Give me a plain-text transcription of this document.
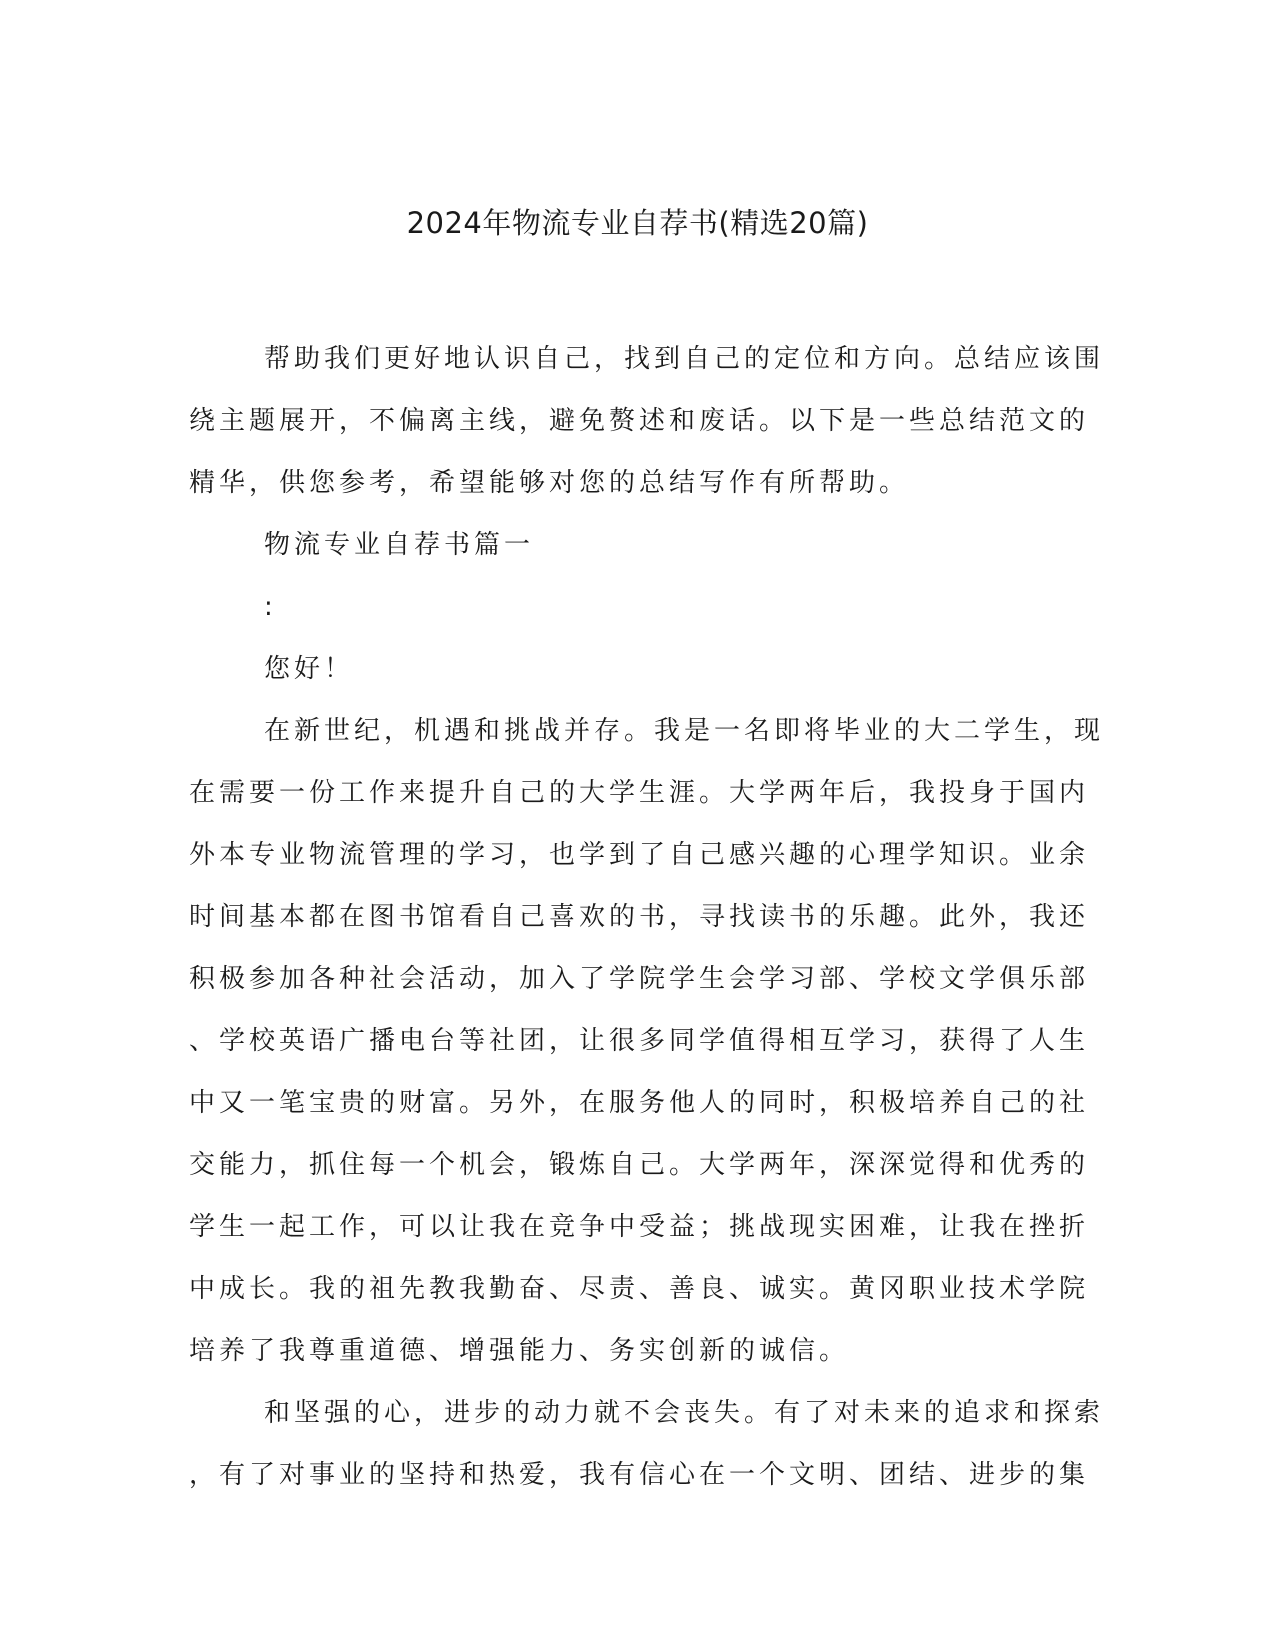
2024年物流专业自荐书(精选20篇)

帮助我们更好地认识自己，找到自己的定位和方向。总结应该围

绕主题展开，不偏离主线，避免赘述和废话。以下是一些总结范文的

精华，供您参考，希望能够对您的总结写作有所帮助。

物流专业自荐书篇一

:

您好！

在新世纪，机遇和挑战并存。我是一名即将毕业的大二学生，现

在需要一份工作来提升自己的大学生涯。大学两年后，我投身于国内

外本专业物流管理的学习，也学到了自己感兴趣的心理学知识。业余

时间基本都在图书馆看自己喜欢的书，寻找读书的乐趣。此外，我还

积极参加各种社会活动，加入了学院学生会学习部、学校文学俱乐部

、学校英语广播电台等社团，让很多同学值得相互学习，获得了人生

中又一笔宝贵的财富。另外，在服务他人的同时，积极培养自己的社

交能力，抓住每一个机会，锻炼自己。大学两年，深深觉得和优秀的

学生一起工作，可以让我在竞争中受益；挑战现实困难，让我在挫折

中成长。我的祖先教我勤奋、尽责、善良、诚实。黄冈职业技术学院

培养了我尊重道德、增强能力、务实创新的诚信。

和坚强的心，进步的动力就不会丧失。有了对未来的追求和探索

，有了对事业的坚持和热爱，我有信心在一个文明、团结、进步的集
